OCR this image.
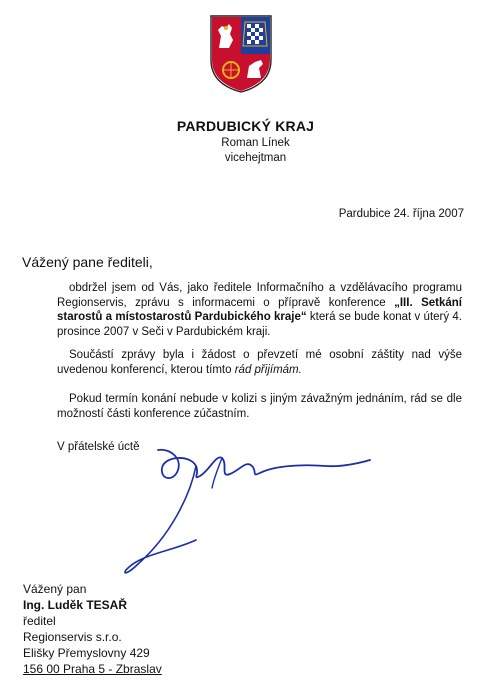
PARDUBICKÝ KRAJ
Roman Línek
vicehejtman
Pardubice 24. října 2007
Vážený pane řediteli,
obdržel jsem od Vás, jako ředitele Informačního a vzdělávacího programu Regionservis, zprávu s informacemi o přípravě konference „III. Setkání starostů a místostarostů Pardubického kraje“ která se bude konat v úterý 4. prosince 2007 v Seči v Pardubickém kraji.
Součástí zprávy byla i žádost o převzetí mé osobní záštity nad výše uvedenou konferencí, kterou tímto rád přijímám.
Pokud termín konání nebude v kolizi s jiným závažným jednáním, rád se dle možností části konference zúčastním.
V přátelské úctě
Vážený pan
Ing. Luděk TESAŘ
ředitel
Regionservis s.r.o.
Elišky Přemyslovny 429
156 00 Praha 5 - Zbraslav
